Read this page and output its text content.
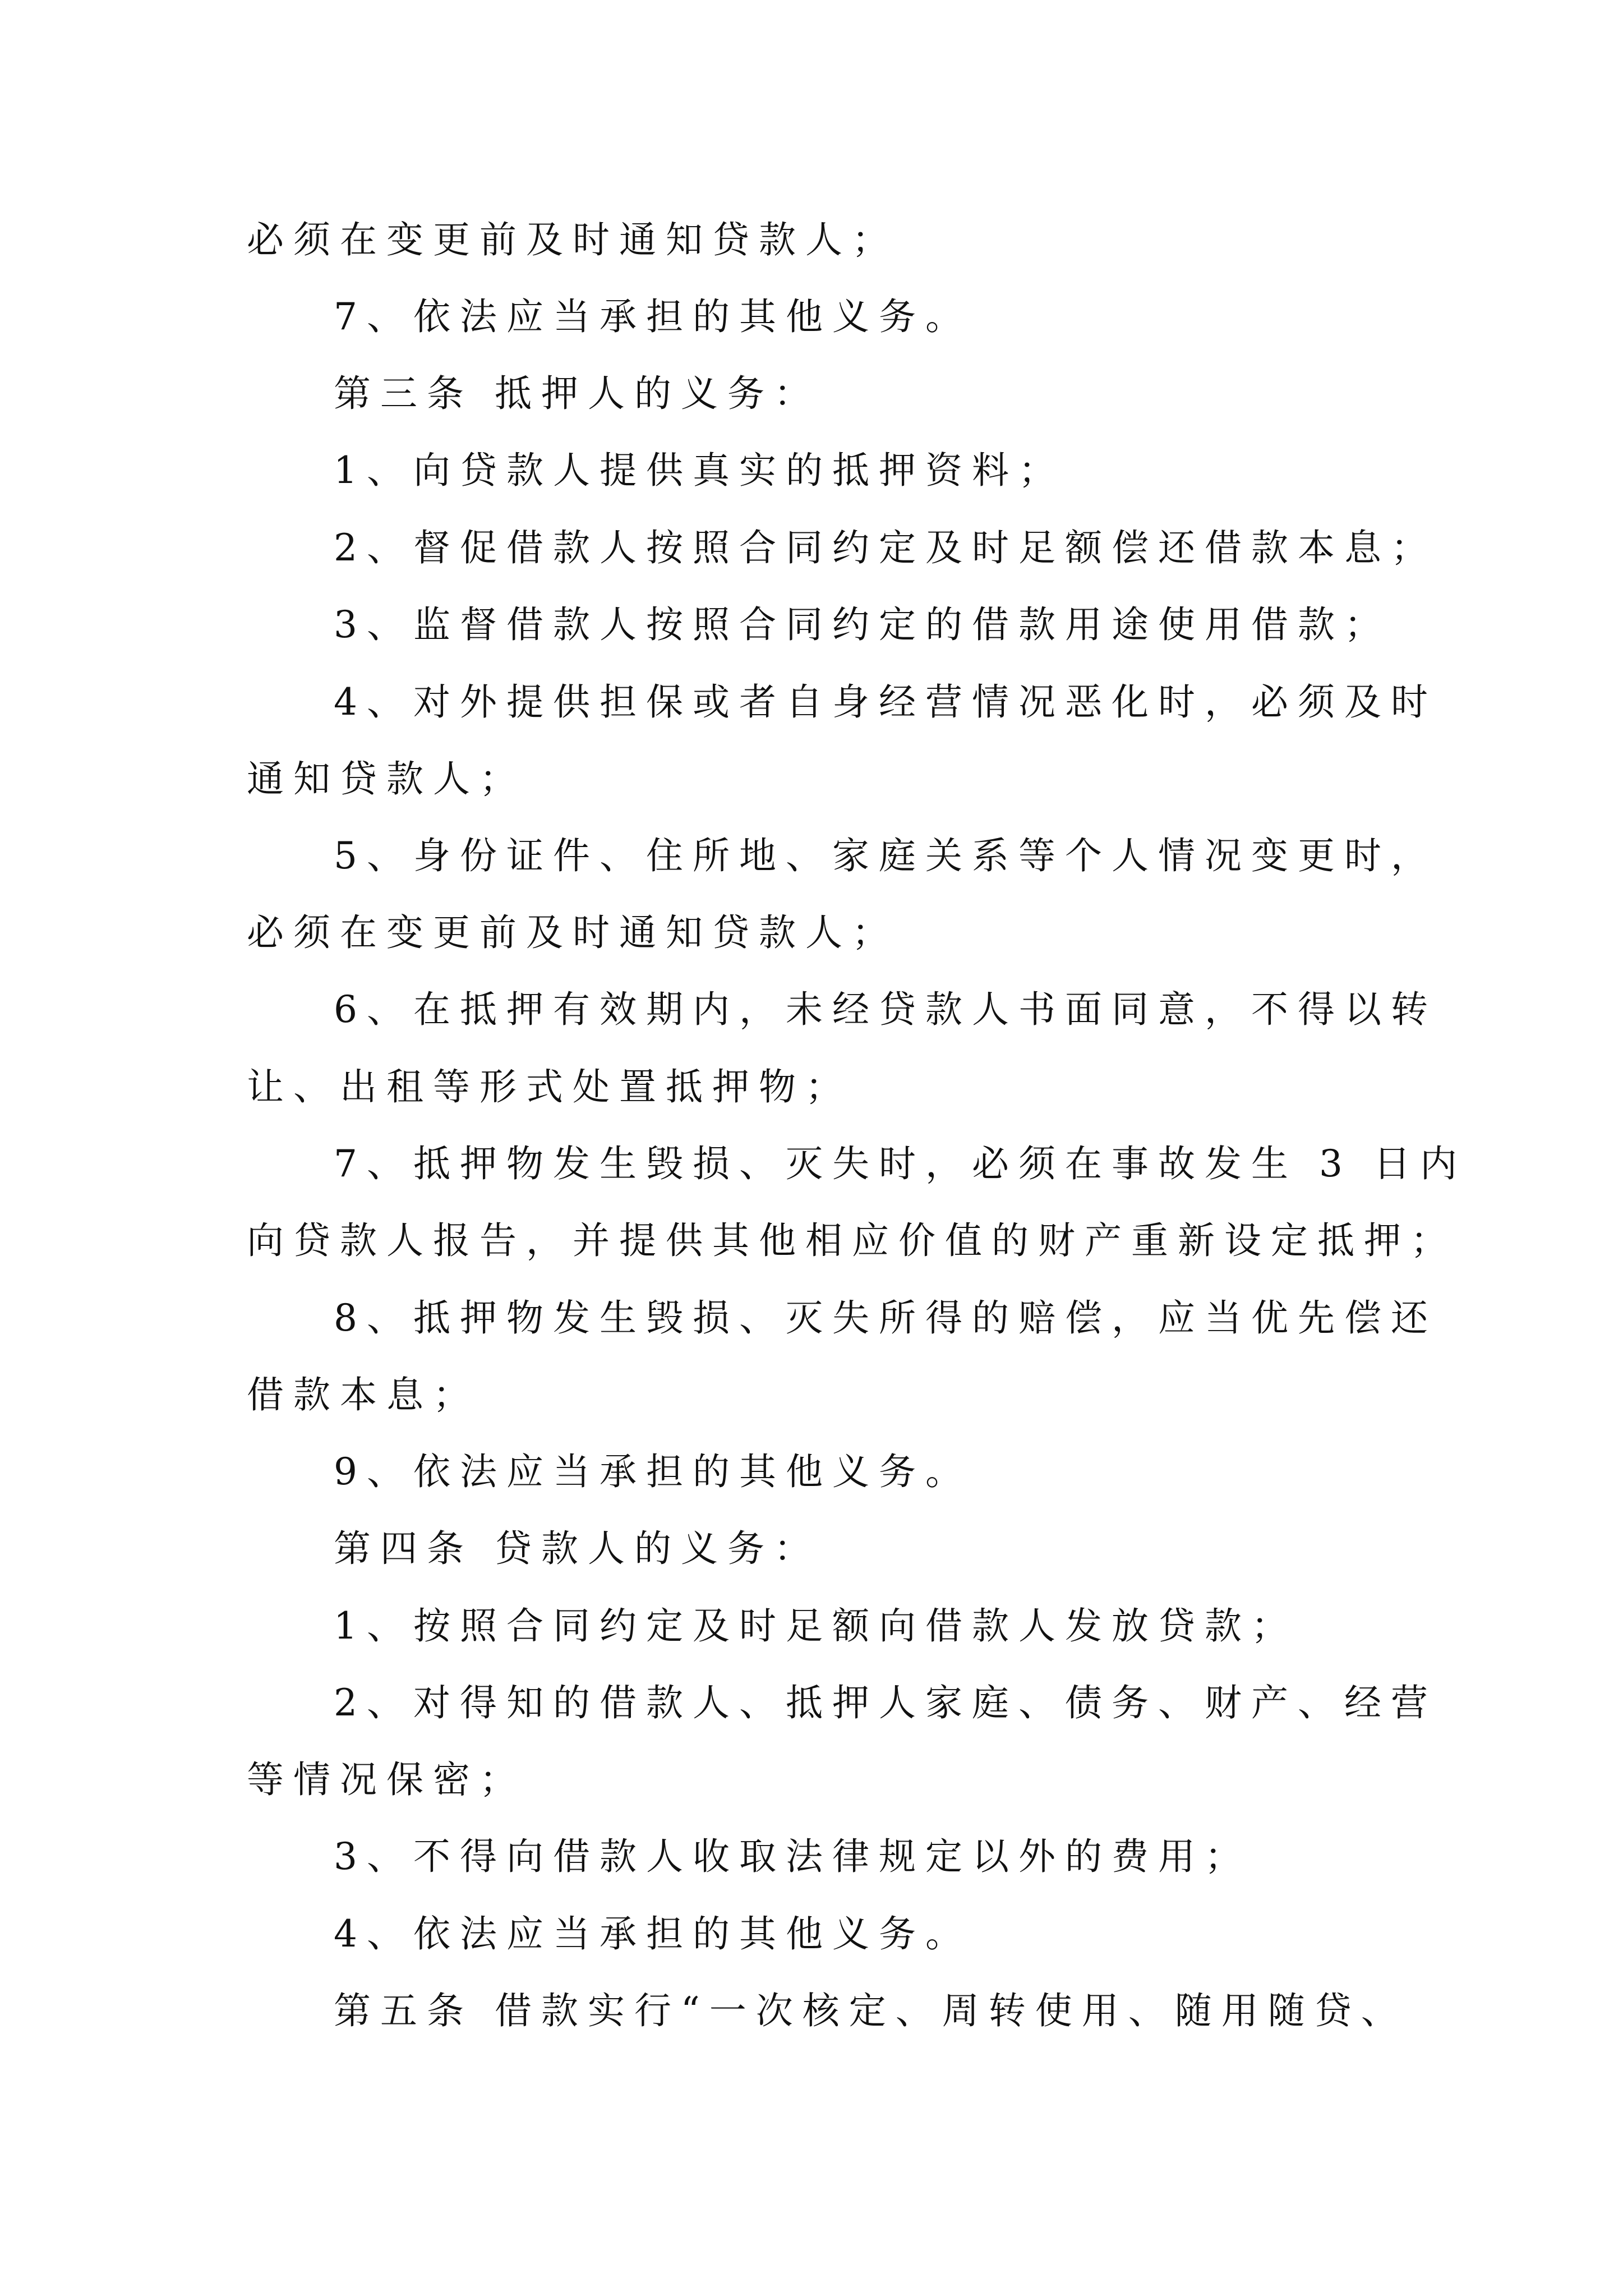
必须在变更前及时通知贷款人；
7、依法应当承担的其他义务。
第三条 抵押人的义务：
1、向贷款人提供真实的抵押资料；
2、督促借款人按照合同约定及时足额偿还借款本息；
3、监督借款人按照合同约定的借款用途使用借款；
4、对外提供担保或者自身经营情况恶化时，必须及时
通知贷款人；
5、身份证件、住所地、家庭关系等个人情况变更时，
必须在变更前及时通知贷款人；
6、在抵押有效期内，未经贷款人书面同意，不得以转
让、出租等形式处置抵押物；
7、抵押物发生毁损、灭失时，必须在事故发生 3 日内
向贷款人报告，并提供其他相应价值的财产重新设定抵押；
8、抵押物发生毁损、灭失所得的赔偿，应当优先偿还
借款本息；
9、依法应当承担的其他义务。
第四条 贷款人的义务：
1、按照合同约定及时足额向借款人发放贷款；
2、对得知的借款人、抵押人家庭、债务、财产、经营
等情况保密；
3、不得向借款人收取法律规定以外的费用；
4、依法应当承担的其他义务。
第五条 借款实行“一次核定、周转使用、随用随贷、
